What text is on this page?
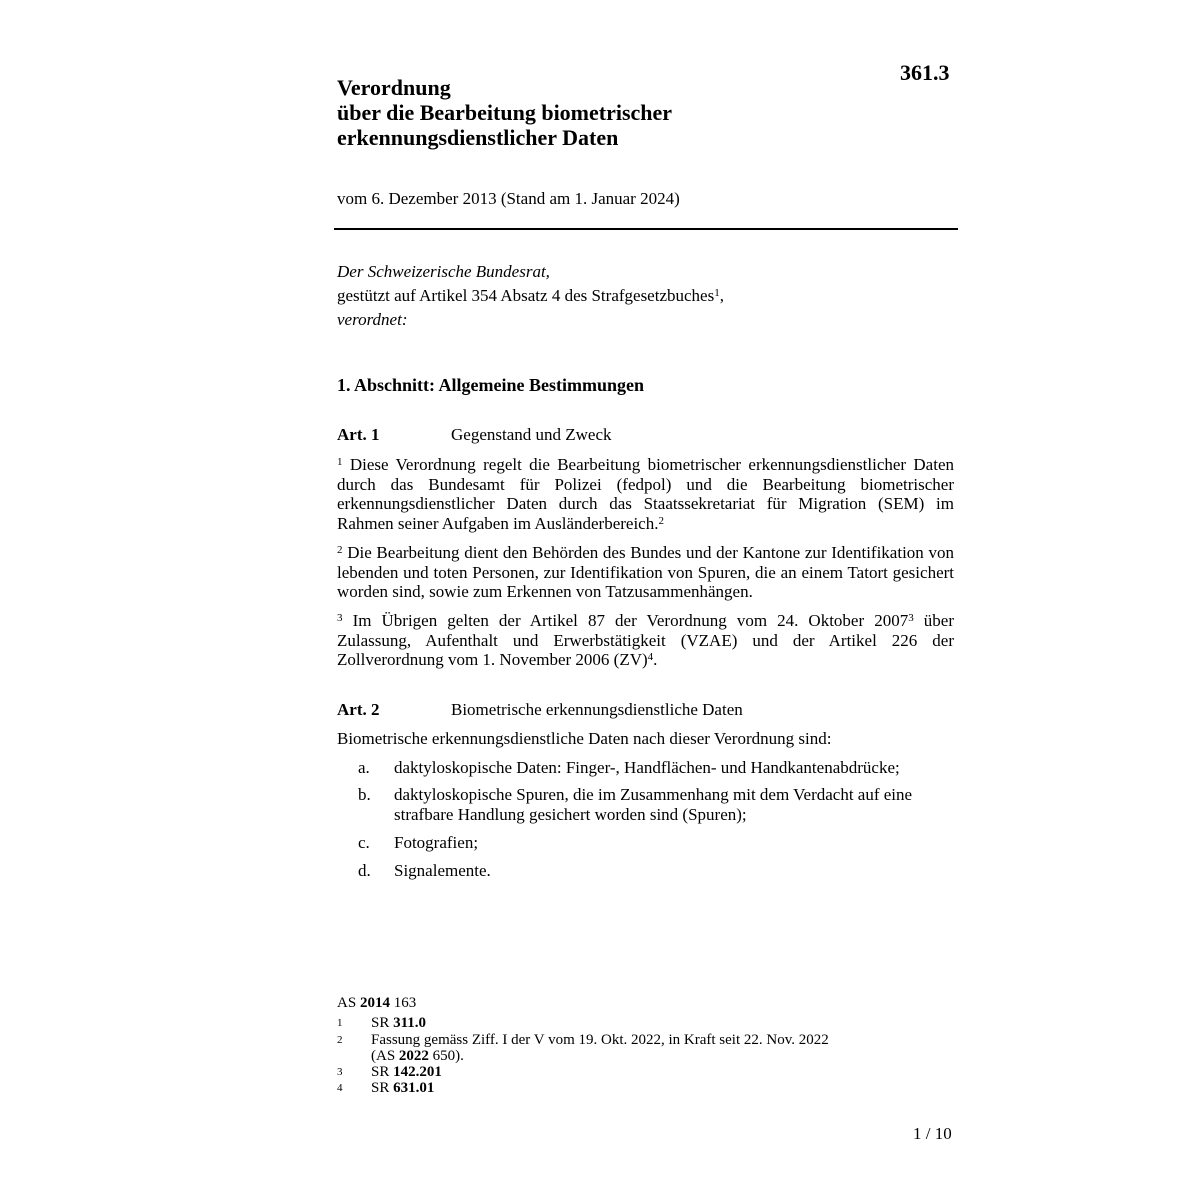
361.3
Verordnung
über die Bearbeitung biometrischer
erkennungsdienstlicher Daten
vom 6. Dezember 2013 (Stand am 1. Januar 2024)
Der Schweizerische Bundesrat,
gestützt auf Artikel 354 Absatz 4 des Strafgesetzbuches$^1$,
verordnet:
1. Abschnitt: Allgemeine Bestimmungen
Art. 1	Gegenstand und Zweck
$^1$ Diese Verordnung regelt die Bearbeitung biometrischer erkennungsdienstlicher Daten durch das Bundesamt für Polizei (fedpol) und die Bearbeitung biometrischer erkennungsdienstlicher Daten durch das Staatssekretariat für Migration (SEM) im Rahmen seiner Aufgaben im Ausländerbereich.$^2$
$^2$ Die Bearbeitung dient den Behörden des Bundes und der Kantone zur Identifikation von lebenden und toten Personen, zur Identifikation von Spuren, die an einem Tatort gesichert worden sind, sowie zum Erkennen von Tatzusammenhängen.
$^3$ Im Übrigen gelten der Artikel 87 der Verordnung vom 24. Oktober 2007$^3$ über Zulassung, Aufenthalt und Erwerbstätigkeit (VZAE) und der Artikel 226 der Zollverordnung vom 1. November 2006 (ZV)$^4$.
Art. 2	Biometrische erkennungsdienstliche Daten
Biometrische erkennungsdienstliche Daten nach dieser Verordnung sind:
a.	daktyloskopische Daten: Finger-, Handflächen- und Handkantenabdrücke;
b.	daktyloskopische Spuren, die im Zusammenhang mit dem Verdacht auf eine strafbare Handlung gesichert worden sind (Spuren);
c.	Fotografien;
d.	Signalemente.
AS 2014 163
1	SR 311.0
2	Fassung gemäss Ziff. I der V vom 19. Okt. 2022, in Kraft seit 22. Nov. 2022
(AS 2022 650).
3	SR 142.201
4	SR 631.01
1 / 10
